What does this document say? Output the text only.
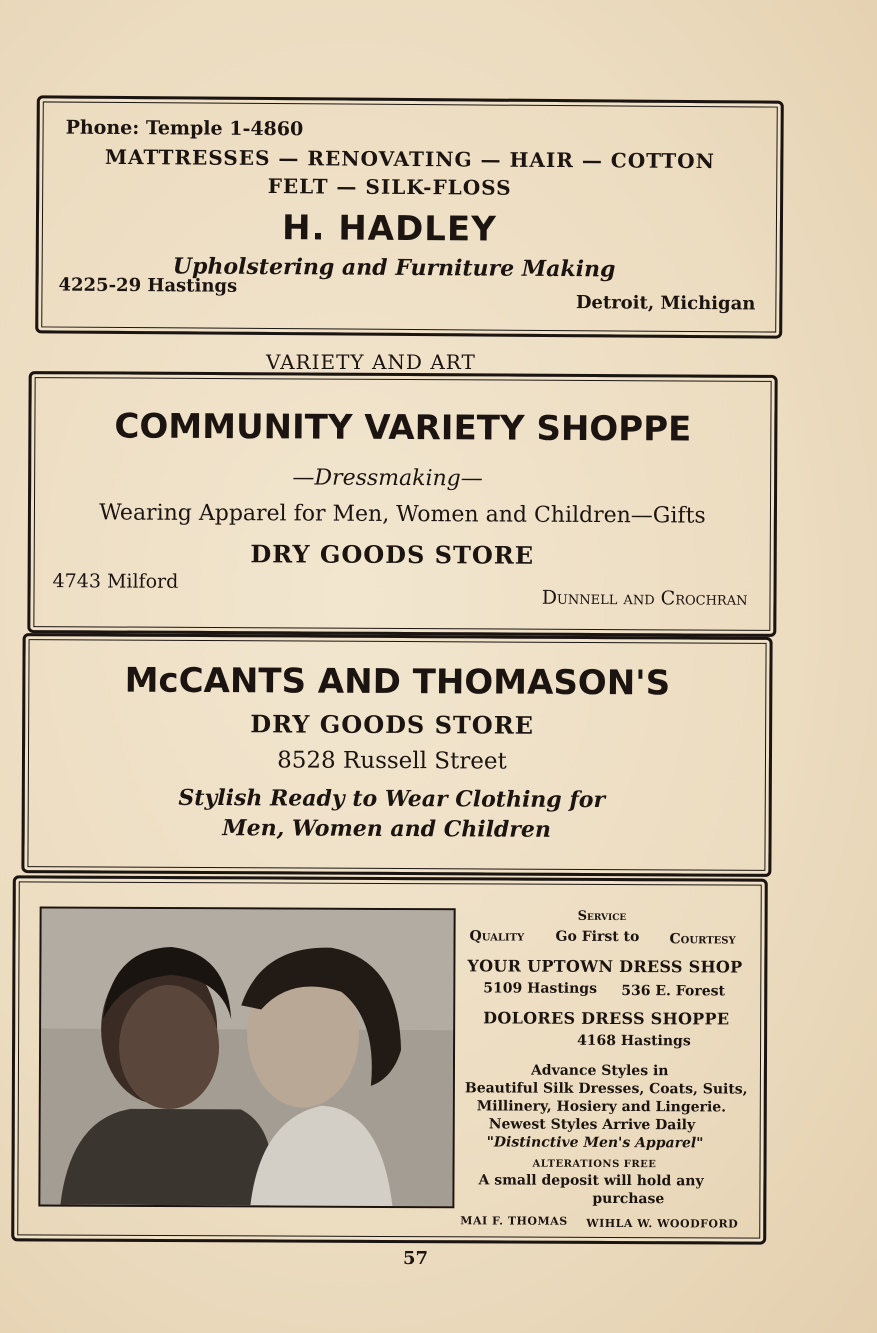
Phone: Temple 1-4860
MATTRESSES — RENOVATING — HAIR — COTTON
FELT — SILK-FLOSS
H. HADLEY
Upholstering and Furniture Making
4225-29 Hastings
Detroit, Michigan
VARIETY AND ART
COMMUNITY VARIETY SHOPPE
—Dressmaking—
Wearing Apparel for Men, Women and Children—Gifts
DRY GOODS STORE
4743 Milford
Dunnell and Crochran
McCANTS AND THOMASON'S
DRY GOODS STORE
8528 Russell Street
Stylish Ready to Wear Clothing for
Men, Women and Children
Service
Quality Go First to Courtesy
YOUR UPTOWN DRESS SHOP
5109 Hastings 536 E. Forest
DOLORES DRESS SHOPPE
4168 Hastings
Advance Styles in
Beautiful Silk Dresses, Coats, Suits,
Millinery, Hosiery and Lingerie.
Newest Styles Arrive Daily
"Distinctive Men's Apparel"
ALTERATIONS FREE
A small deposit will hold any
purchase
MAI F. THOMAS WIHLA W. WOODFORD
57
